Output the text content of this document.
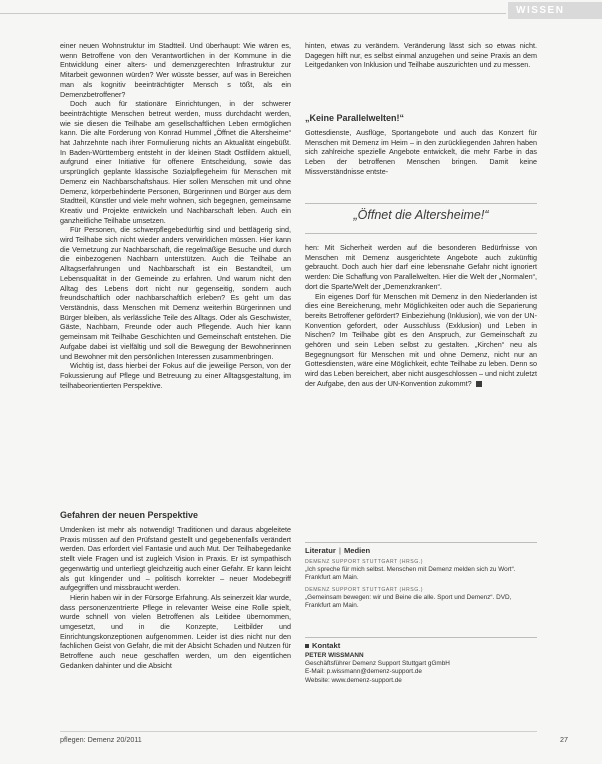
WISSEN

einer neuen Wohnstruktur im Stadtteil. Und überhaupt: Wie wären es, wenn Betroffene von den Verantwortlichen in der Kommune in die Entwicklung einer alters- und demenzgerechten Infrastruktur zur Mitarbeit gewonnen würden? Wer wüsste besser, auf was in Bereichen man als kognitiv beeinträchtigter Mensch s tößt, als ein Demenzbetroffener?

Doch auch für stationäre Einrichtungen, in der schwerer beeinträchtigte Menschen betreut werden, muss durchdacht werden, wie sie diesen die Teilhabe am gesellschaftlichen Leben ermöglichen kann. Die alte Forderung von Konrad Hummel „Öffnet die Altersheime“ hat Jahrzehnte nach ihrer Formulierung nichts an Aktualität eingebüßt. In Baden-Württemberg entsteht in der kleinen Stadt Ostfildern aktuell, aufgrund einer Initiative für offenere Entscheidung, sowie das ursprünglich geplante klassische Sozialpflegeheim für Menschen mit Demenz ein Nachbarschaftshaus. Hier sollen Menschen mit und ohne Demenz, körperbehinderte Personen, Bürgerinnen und Bürger aus dem Stadtteil, Künstler und viele mehr wohnen, sich begegnen, gemeinsame Kreativ und Projekte entwickeln und Nachbarschaft leben. Auch ein ganzheitliche Teilhabe umsetzen.

Für Personen, die schwerpflegebedürftig sind und bettlägerig sind, wird Teilhabe sich nicht wieder anders verwirklichen müssen. Hier kann die Vernetzung zur Nachbarschaft, die regelmäßige Besuche und durch die einbezogenen Nachbarn unterstützen. Auch die Teilhabe an Alltagserfahrungen und Nachbarschaft ist ein Bestandteil, um Lebensqualität in der Gemeinde zu erfahren. Und warum nicht den Alltag des Lebens dort nicht nur gegenseitig, sondern auch freundschaftlich oder nachbarschaftlich erleben? Es geht um das Verständnis, dass Menschen mit Demenz weiterhin Bürgerinnen und Bürger bleiben, als verlässliche Teile des Alltags. Oder als Geschwister, Gäste, Nachbarn, Freunde oder auch Pflegende. Auch hier kann gemeinsam mit Teilhabe Geschichten und Gemeinschaft entstehen. Die Aufgabe dabei ist vielfältig und soll die Bewegung der Bewohnerinnen und Bewohner mit den persönlichen Interessen zusammenbringen.

Wichtig ist, dass hierbei der Fokus auf die jeweilige Person, von der Fokussierung auf Pflege und Betreuung zu einer Alltagsgestaltung, im teilhabeorientierten Perspektive.

Gefahren der neuen Perspektive

Umdenken ist mehr als notwendig! Traditionen und daraus abgeleitete Praxis müssen auf den Prüfstand gestellt und gegebenenfalls verändert werden. Das erfordert viel Fantasie und auch Mut. Der Teilhabegedanke stellt viele Fragen und ist zugleich Vision in Praxis. Er ist sympathisch gegenwärtig und unterliegt gleichzeitig auch einer Gefahr. Er kann leicht als gut klingender und – politisch korrekter – neuer Modebegriff aufgegriffen und missbraucht werden.

Hierin haben wir in der Fürsorge Erfahrung. Als seinerzeit klar wurde, dass personenzentrierte Pflege in relevanter Weise eine Rolle spielt, wurde schnell von vielen Betroffenen als Leitidee übernommen, umgesetzt, und in die Konzepte, Leitbilder und Einrichtungskonzeptionen aufgenommen. Leider ist dies nicht nur den fachlichen Geist von Gefahr, die mit der Absicht Schaden und Nutzen für Betroffene auch neue geschaffen werden, um den eigentlichen Gedanken dahinter und die Absicht

hinten, etwas zu verändern. Veränderung lässt sich so etwas nicht. Dagegen hilft nur, es selbst einmal anzugehen und seine Praxis an dem Leitgedanken von Inklusion und Teilhabe auszurichten und zu messen.

„Keine Parallelwelten!“

Gottesdienste, Ausflüge, Sportangebote und auch das Konzert für Menschen mit Demenz im Heim – in den zurückliegenden Jahren haben sich zahlreiche spezielle Angebote entwickelt, die mehr Farbe in das Leben der betroffenen Menschen bringen. Damit keine Missverständnisse entste-

„Öffnet die Altersheime!“

hen: Mit Sicherheit werden auf die besonderen Bedürfnisse von Menschen mit Demenz ausgerichtete Angebote auch zukünftig gebraucht. Doch auch hier darf eine lebensnahe Gefahr nicht ignoriert werden: Die Schaffung von Parallelwelten. Hier die Welt der „Normalen“, dort die Sparte/Welt der „Demenzkranken“.

Ein eigenes Dorf für Menschen mit Demenz in den Niederlanden ist dies eine Bereicherung, mehr Möglichkeiten oder auch die Separierung bereits Betroffener gefördert? Einbeziehung (Inklusion), wie von der UN-Konvention gefordert, oder Ausschluss (Exklusion) und Leben in Nischen? Im Teilhabe gibt es den Anspruch, zur Gemeinschaft zu gehören und sein Leben selbst zu gestalten. „Kirchen“ neu als Begegnungsort für Menschen mit und ohne Demenz, nicht nur an Gottesdiensten, wäre eine Möglichkeit, echte Teilhabe zu leben. Denn so wird das Leben bereichert, aber nicht ausgeschlossen – und nicht zuletzt der Aufgabe, den aus der UN-Konvention zukommt?

Literatur | Medien
DEMENZ SUPPORT STUTTGART (HRSG.)
„Ich spreche für mich selbst. Menschen mit Demenz melden sich zu Wort“. Frankfurt am Main.
DEMENZ SUPPORT STUTTGART (HRSG.)
„Gemeinsam bewegen: wir und Beine die alle. Sport und Demenz“. DVD, Frankfurt am Main.
Kontakt
PETER WISSMANN
Geschäftsführer Demenz Support Stuttgart gGmbH
E-Mail: p.wissmann@demenz-support.de
Website: www.demenz-support.de
pflegen: Demenz 20/2011	27
